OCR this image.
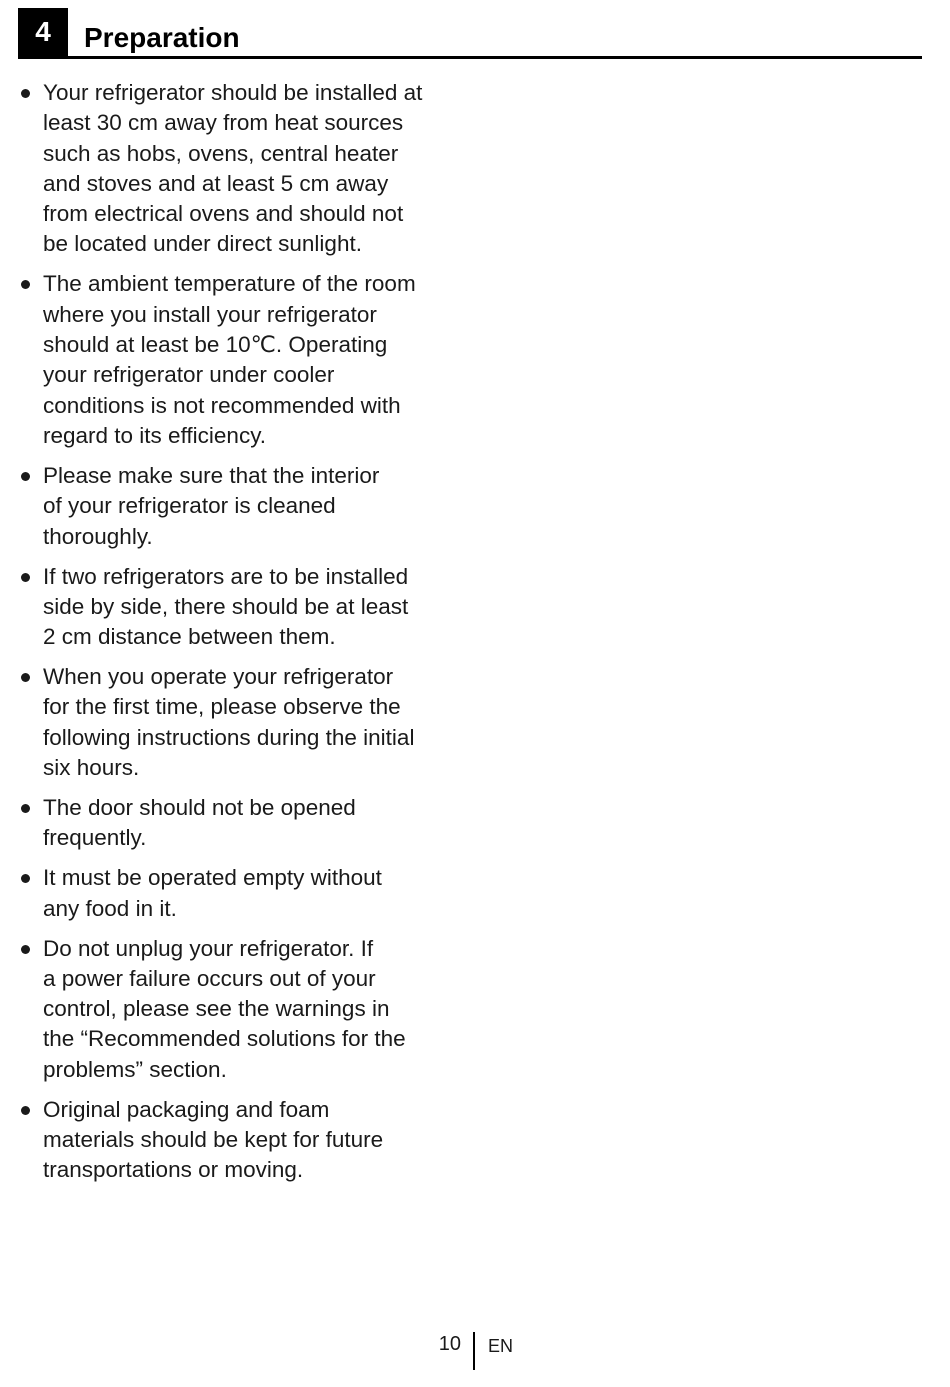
4	Preparation
Your refrigerator should be installed at
least 30 cm away from heat sources
such as hobs, ovens, central heater
and stoves and at least 5 cm away
from electrical ovens and should not
be located under direct sunlight.
The ambient temperature of the room
where you install your refrigerator
should at least be 10℃. Operating
your refrigerator under cooler
conditions is not recommended with
regard to its efficiency.
Please make sure that the interior
of your refrigerator is cleaned
thoroughly.
If two refrigerators are to be installed
side by side, there should be at least
2 cm distance between them.
When you operate your refrigerator
for the first time, please observe the
following instructions during the initial
six hours.
The door should not be opened
frequently.
It must be operated empty without
any food in it.
Do not unplug your refrigerator. If
a power failure occurs out of your
control, please see the warnings in
the “Recommended solutions for the
problems” section.
Original packaging and foam
materials should be kept for future
transportations or moving.
10 EN
